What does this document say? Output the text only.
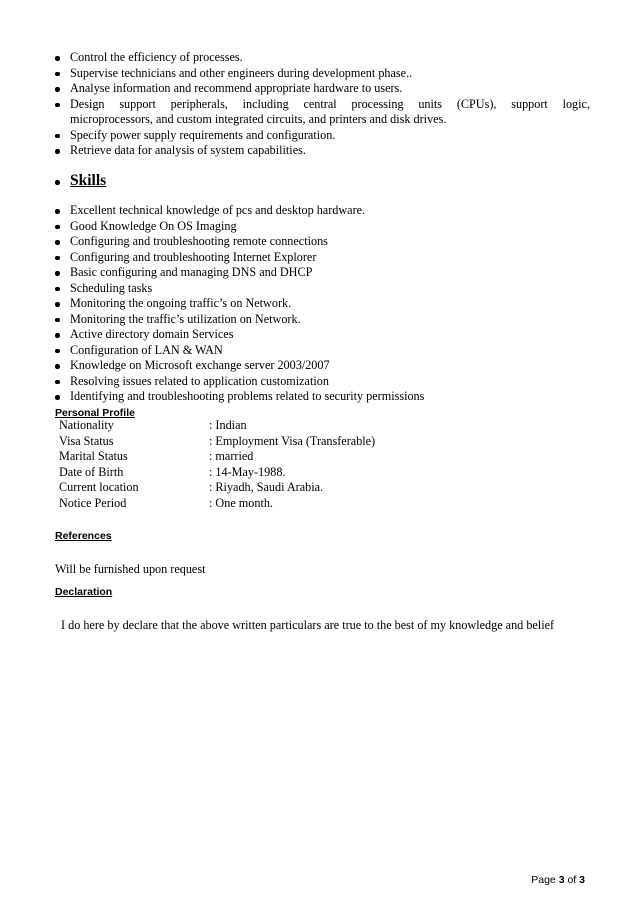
Control the efficiency of processes.
Supervise technicians and other engineers during development phase..
Analyse information and recommend appropriate hardware to users.
Design support peripherals, including central processing units (CPUs), support logic,
microprocessors, and custom integrated circuits, and printers and disk drives.
Specify power supply requirements and configuration.
Retrieve data for analysis of system capabilities.
Skills
Excellent technical knowledge of pcs and desktop hardware.
Good Knowledge On OS Imaging
Configuring and troubleshooting remote connections
Configuring and troubleshooting Internet Explorer
Basic configuring and managing DNS and DHCP
Scheduling tasks
Monitoring the ongoing traffic’s on Network.
Monitoring the traffic’s utilization on Network.
Active directory domain Services
Configuration of LAN & WAN
Knowledge on Microsoft exchange server 2003/2007
Resolving issues related to application customization
Identifying and troubleshooting problems related to security permissions
Personal Profile
Nationality	: Indian
Visa Status	: Employment Visa (Transferable)
Marital Status	: married
Date of Birth	: 14-May-1988.
Current location	: Riyadh, Saudi Arabia.
Notice Period	: One month.
References
Will be furnished upon request
Declaration
I do here by declare that the above written particulars are true to the best of my knowledge and belief
Page 3 of 3
